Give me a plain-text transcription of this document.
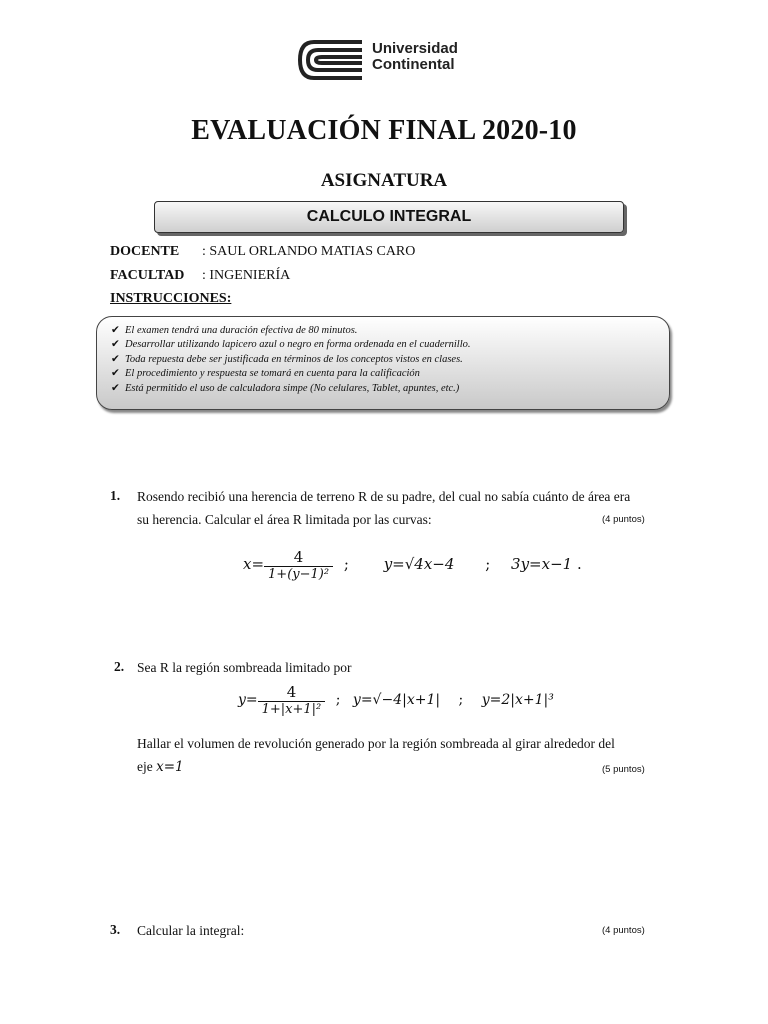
Universidad
Continental
EVALUACIÓN FINAL 2020-10
ASIGNATURA
CALCULO INTEGRAL
DOCENTE : SAUL ORLANDO MATIAS CARO
FACULTAD : INGENIERÍA
INSTRUCCIONES:
✔ El examen tendrá una duración efectiva de 80 minutos.
✔ Desarrollar utilizando lapicero azul o negro en forma ordenada en el cuadernillo.
✔ Toda repuesta debe ser justificada en términos de los conceptos vistos en clases.
✔ El procedimiento y respuesta se tomará en cuenta para la calificación
✔ Está permitido el uso de calculadora simpe (No celulares, Tablet, apuntes, etc.)
1. Rosendo recibió una herencia de terreno R de su padre, del cual no sabía cuánto de área era
su herencia. Calcular el área R limitada por las curvas:	(4 puntos)
$x= \frac{4}{\text{1+(y−1)²}}$ ; y=√4x−4 ; 3y=x−1 .
2. Sea R la región sombreada limitado por
$y= \frac{4}{\text{1+|x+1|²}}$ ; y=√−4|x+1| ; y=2|x+1|³
Hallar el volumen de revolución generado por la región sombreada al girar alrededor del
eje x=1	(5 puntos)
3. Calcular la integral:	(4 puntos)
